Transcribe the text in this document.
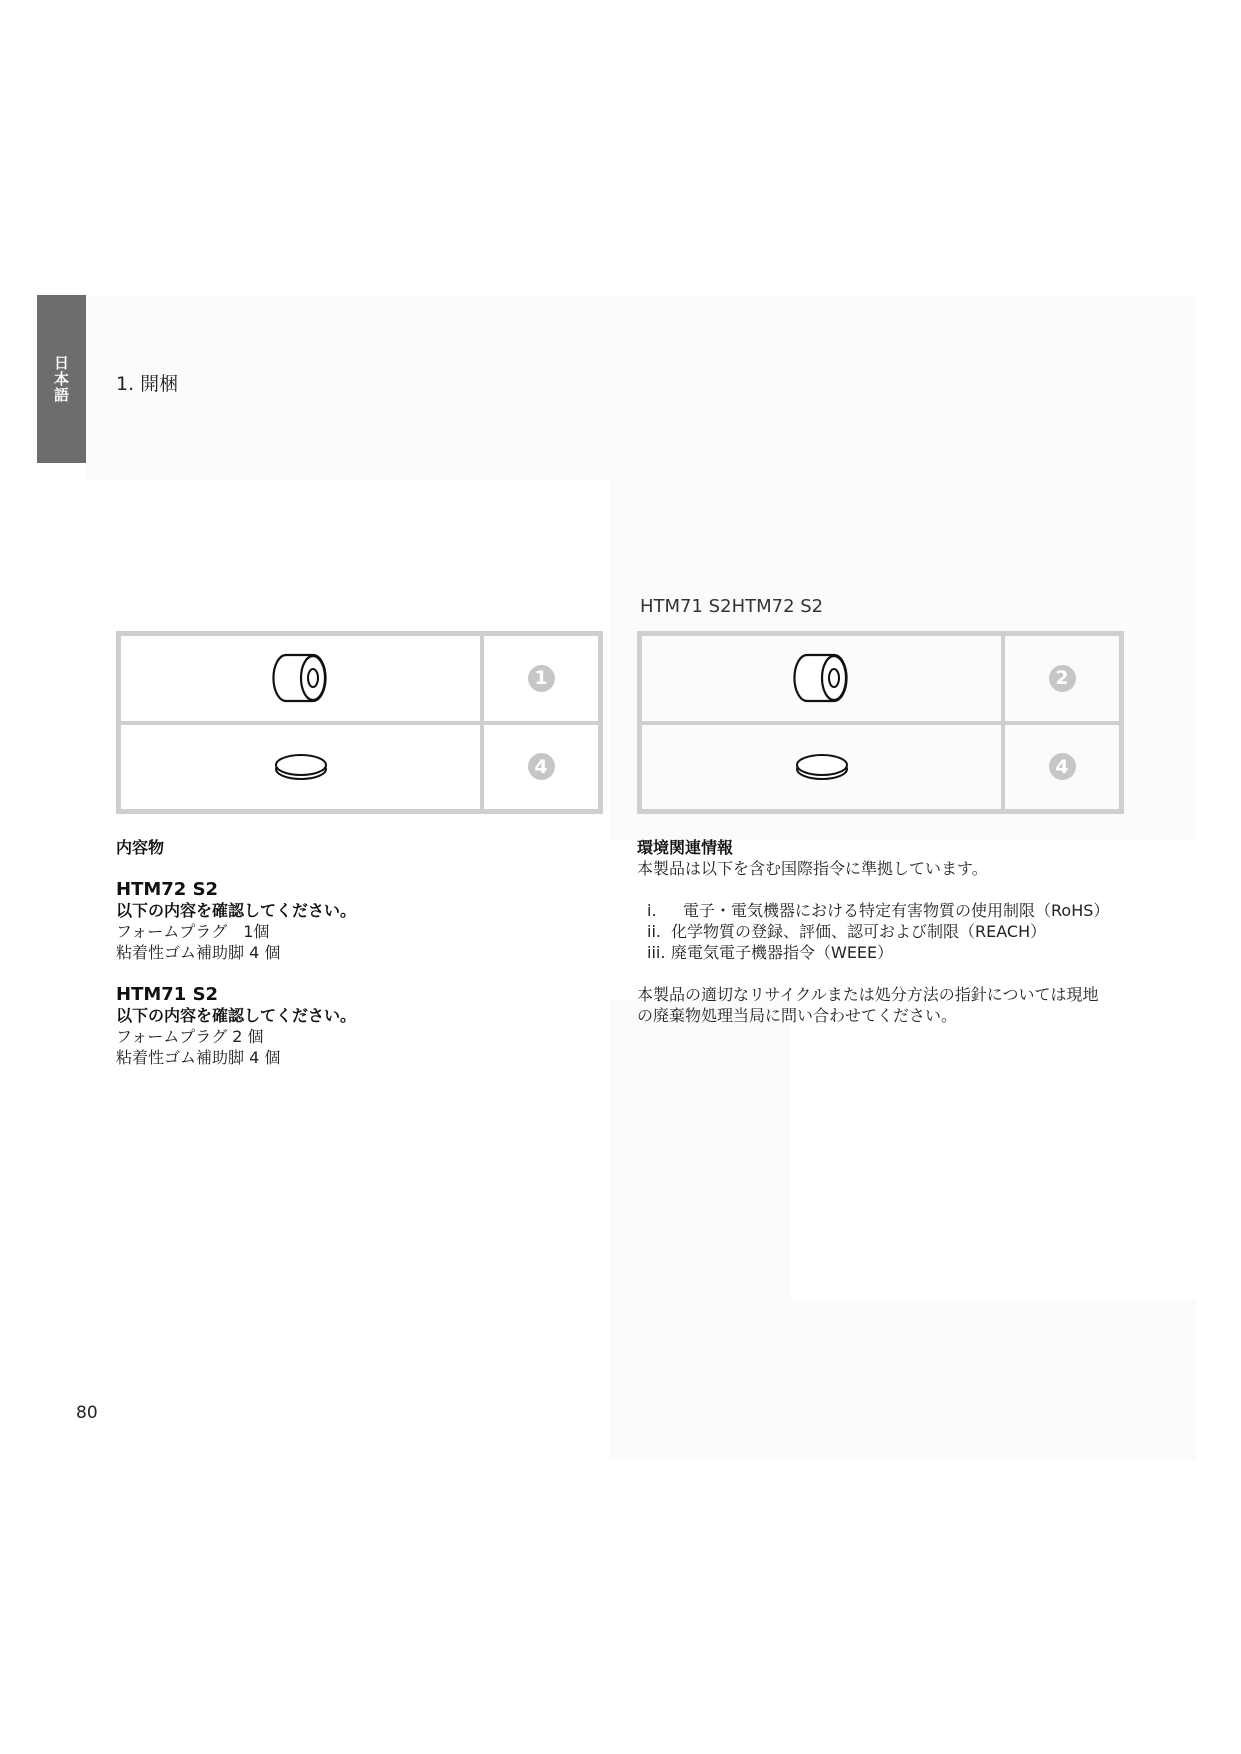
日本語 1. 開梱
HTM71 S2HTM72 S2
1
4
2
4
内容物
HTM72 S2
以下の内容を確認してください。
フォームプラグ　1個
粘着性ゴム補助脚 4 個
HTM71 S2
以下の内容を確認してください。
フォームプラグ 2 個
粘着性ゴム補助脚 4 個
環境関連情報
本製品は以下を含む国際指令に準拠しています。
i.	電子・電気機器における特定有害物質の使用制限（RoHS）
ii. 化学物質の登録、評価、認可および制限（REACH）
iii. 廃電気電子機器指令（WEEE）
本製品の適切なリサイクルまたは処分方法の指針については現地
の廃棄物処理当局に問い合わせてください。
80
